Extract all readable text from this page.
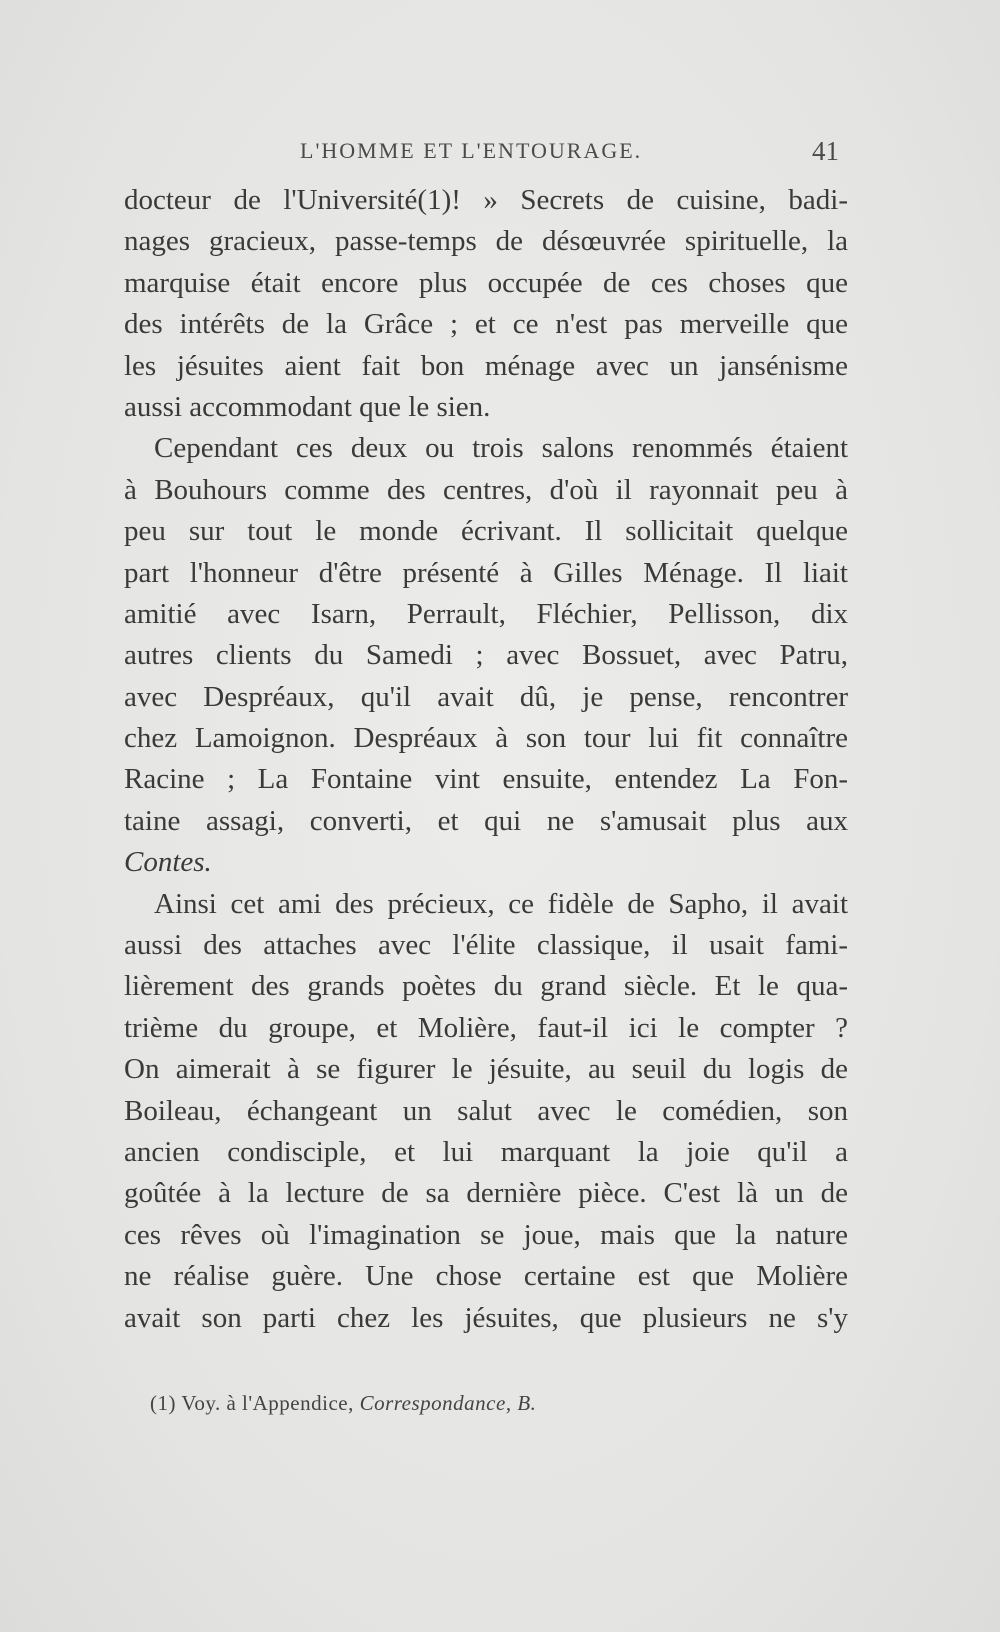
L'HOMME ET L'ENTOURAGE.	41
docteur de l'Université(1)! » Secrets de cuisine, badi-
nages gracieux, passe-temps de désœuvrée spirituelle, la
marquise était encore plus occupée de ces choses que
des intérêts de la Grâce ; et ce n'est pas merveille que
les jésuites aient fait bon ménage avec un jansénisme
aussi accommodant que le sien.
Cependant ces deux ou trois salons renommés étaient
à Bouhours comme des centres, d'où il rayonnait peu à
peu sur tout le monde écrivant. Il sollicitait quelque
part l'honneur d'être présenté à Gilles Ménage. Il liait
amitié avec Isarn, Perrault, Fléchier, Pellisson, dix
autres clients du Samedi ; avec Bossuet, avec Patru,
avec Despréaux, qu'il avait dû, je pense, rencontrer
chez Lamoignon. Despréaux à son tour lui fit connaître
Racine ; La Fontaine vint ensuite, entendez La Fon-
taine assagi, converti, et qui ne s'amusait plus aux
Contes.
Ainsi cet ami des précieux, ce fidèle de Sapho, il avait
aussi des attaches avec l'élite classique, il usait fami-
lièrement des grands poètes du grand siècle. Et le qua-
trième du groupe, et Molière, faut-il ici le compter ?
On aimerait à se figurer le jésuite, au seuil du logis de
Boileau, échangeant un salut avec le comédien, son
ancien condisciple, et lui marquant la joie qu'il a
goûtée à la lecture de sa dernière pièce. C'est là un de
ces rêves où l'imagination se joue, mais que la nature
ne réalise guère. Une chose certaine est que Molière
avait son parti chez les jésuites, que plusieurs ne s'y
(1) Voy. à l'Appendice, Correspondance, B.
